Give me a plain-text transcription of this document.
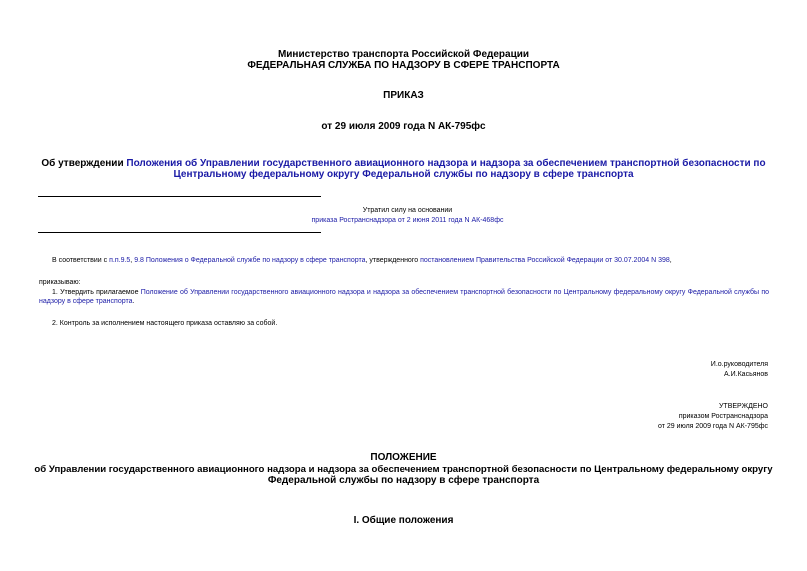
Министерство транспорта Российской Федерации
ФЕДЕРАЛЬНАЯ СЛУЖБА ПО НАДЗОРУ В СФЕРЕ ТРАНСПОРТА
ПРИКАЗ
от 29 июля 2009 года N АК-795фс
Об утверждении Положения об Управлении государственного авиационного надзора и надзора за обеспечением транспортной безопасности по Центральному федеральному округу Федеральной службы по надзору в сфере транспорта
Утратил силу на основании
приказа Ространснадзора от 2 июня 2011 года N АК-468фс
В соответствии с п.п.9.5, 9.8 Положения о Федеральной службе по надзору в сфере транспорта, утвержденного постановлением Правительства Российской Федерации от 30.07.2004 N 398,
приказываю:
1. Утвердить прилагаемое Положение об Управлении государственного авиационного надзора и надзора за обеспечением транспортной безопасности по Центральному федеральному округу Федеральной службы по надзору в сфере транспорта.
2. Контроль за исполнением настоящего приказа оставляю за собой.
И.о.руководителя
А.И.Касьянов
УТВЕРЖДЕНО
приказом Ространснадзора
от 29 июля 2009 года N АК-795фс
ПОЛОЖЕНИЕ
об Управлении государственного авиационного надзора и надзора за обеспечением транспортной безопасности по Центральному федеральному округу
Федеральной службы по надзору в сфере транспорта
I. Общие положения
